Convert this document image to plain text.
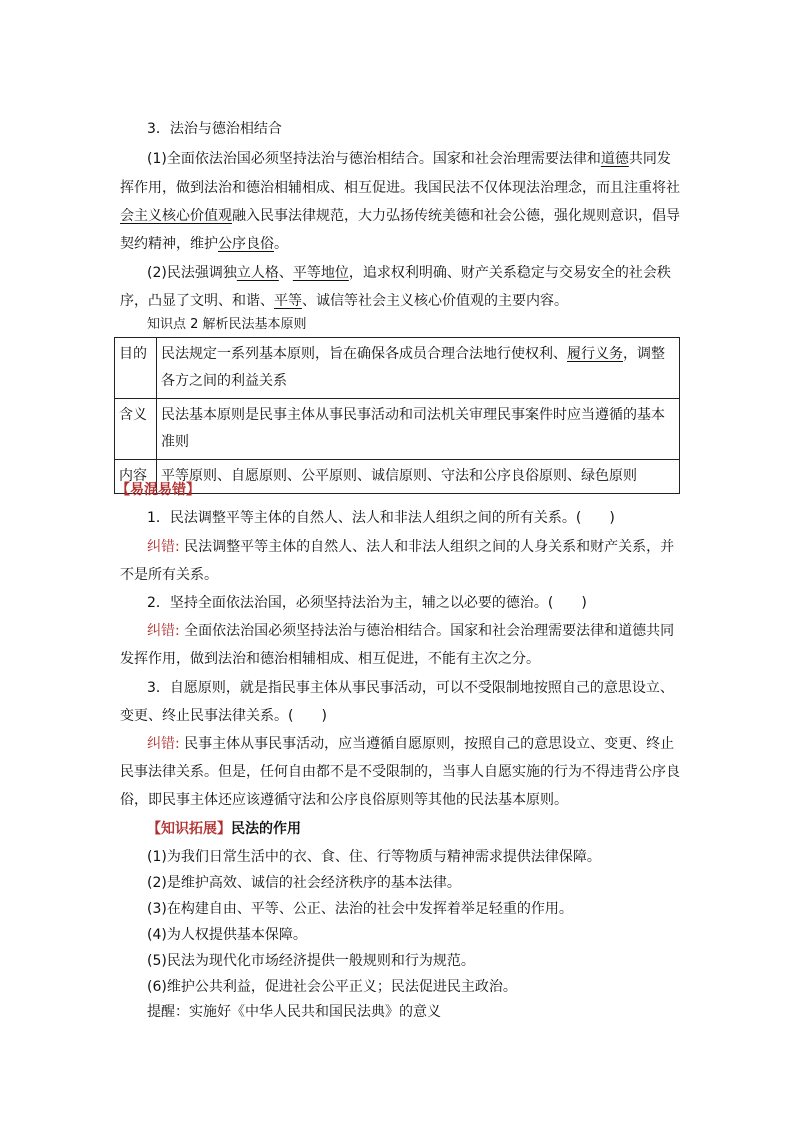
3．法治与德治相结合
(1)全面依法治国必须坚持法治与德治相结合。国家和社会治理需要法律和道德共同发
挥作用，做到法治和德治相辅相成、相互促进。我国民法不仅体现法治理念，而且注重将社
会主义核心价值观融入民事法律规范，大力弘扬传统美德和社会公德，强化规则意识，倡导
契约精神，维护公序良俗。
(2)民法强调独立人格、平等地位，追求权利明确、财产关系稳定与交易安全的社会秩
序，凸显了文明、和谐、平等、诚信等社会主义核心价值观的主要内容。
知识点 2 解析民法基本原则
目的	民法规定一系列基本原则，旨在确保各成员合理合法地行使权利、履行义务，调整各方之间的利益关系
含义	民法基本原则是民事主体从事民事活动和司法机关审理民事案件时应当遵循的基本准则
内容	平等原则、自愿原则、公平原则、诚信原则、守法和公序良俗原则、绿色原则
【易混易错】
1．民法调整平等主体的自然人、法人和非法人组织之间的所有关系。(　　)
纠错: 民法调整平等主体的自然人、法人和非法人组织之间的人身关系和财产关系，并
不是所有关系。
2．坚持全面依法治国，必须坚持法治为主，辅之以必要的德治。(　　)
纠错: 全面依法治国必须坚持法治与德治相结合。国家和社会治理需要法律和道德共同
发挥作用，做到法治和德治相辅相成、相互促进，不能有主次之分。
3．自愿原则，就是指民事主体从事民事活动，可以不受限制地按照自己的意思设立、
变更、终止民事法律关系。(　　)
纠错: 民事主体从事民事活动，应当遵循自愿原则，按照自己的意思设立、变更、终止
民事法律关系。但是，任何自由都不是不受限制的，当事人自愿实施的行为不得违背公序良
俗，即民事主体还应该遵循守法和公序良俗原则等其他的民法基本原则。
【知识拓展】民法的作用
(1)为我们日常生活中的衣、食、住、行等物质与精神需求提供法律保障。
(2)是维护高效、诚信的社会经济秩序的基本法律。
(3)在构建自由、平等、公正、法治的社会中发挥着举足轻重的作用。
(4)为人权提供基本保障。
(5)民法为现代化市场经济提供一般规则和行为规范。
(6)维护公共利益，促进社会公平正义；民法促进民主政治。
提醒：实施好《中华人民共和国民法典》的意义
